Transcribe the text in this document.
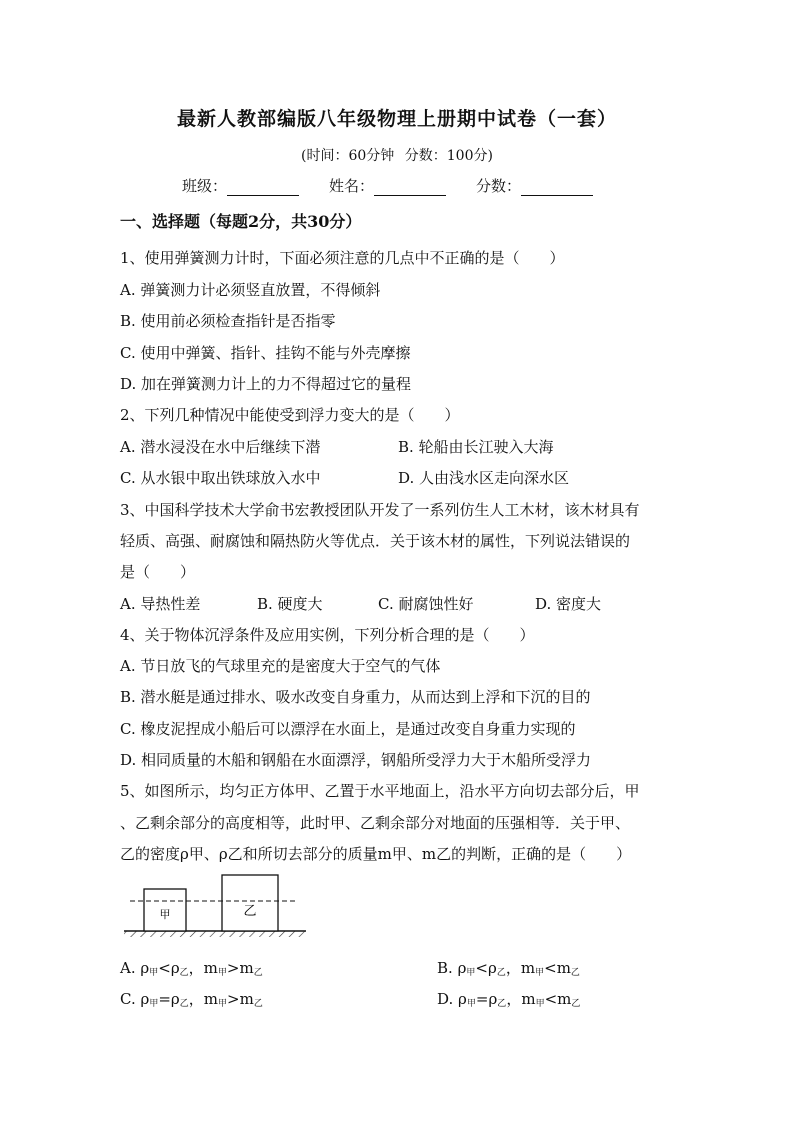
最新人教部编版八年级物理上册期中试卷（一套）
(时间：60分钟 分数：100分)
班级：	姓名：	分数：
一、选择题（每题2分，共30分）
1、使用弹簧测力计时，下面必须注意的几点中不正确的是（　　）
A. 弹簧测力计必须竖直放置，不得倾斜
B. 使用前必须检查指针是否指零
C. 使用中弹簧、指针、挂钩不能与外壳摩擦
D. 加在弹簧测力计上的力不得超过它的量程
2、下列几种情况中能使受到浮力变大的是（　　）
A. 潜水浸没在水中后继续下潜	B. 轮船由长江驶入大海
C. 从水银中取出铁球放入水中	D. 人由浅水区走向深水区
3、中国科学技术大学俞书宏教授团队开发了一系列仿生人工木材，该木材具有
轻质、高强、耐腐蚀和隔热防火等优点．关于该木材的属性，下列说法错误的
是（　　）
A. 导热性差	B. 硬度大	C. 耐腐蚀性好	D. 密度大
4、关于物体沉浮条件及应用实例，下列分析合理的是（　　）
A. 节日放飞的气球里充的是密度大于空气的气体
B. 潜水艇是通过排水、吸水改变自身重力，从而达到上浮和下沉的目的
C. 橡皮泥捏成小船后可以漂浮在水面上，是通过改变自身重力实现的
D. 相同质量的木船和钢船在水面漂浮，钢船所受浮力大于木船所受浮力
5、如图所示，均匀正方体甲、乙置于水平地面上，沿水平方向切去部分后，甲
、乙剩余部分的高度相等，此时甲、乙剩余部分对地面的压强相等．关于甲、
乙的密度ρ甲、ρ乙和所切去部分的质量m甲、m乙的判断，正确的是（　　）
甲	乙
A. $\rho_甲<\rho_乙$，$m_甲>m_乙$	B. $\rho_甲<\rho_乙$，$m_甲<m_乙$
C. $\rho_甲=\rho_乙$，$m_甲>m_乙$	D. $\rho_甲=\rho_乙$，$m_甲<m_乙$
